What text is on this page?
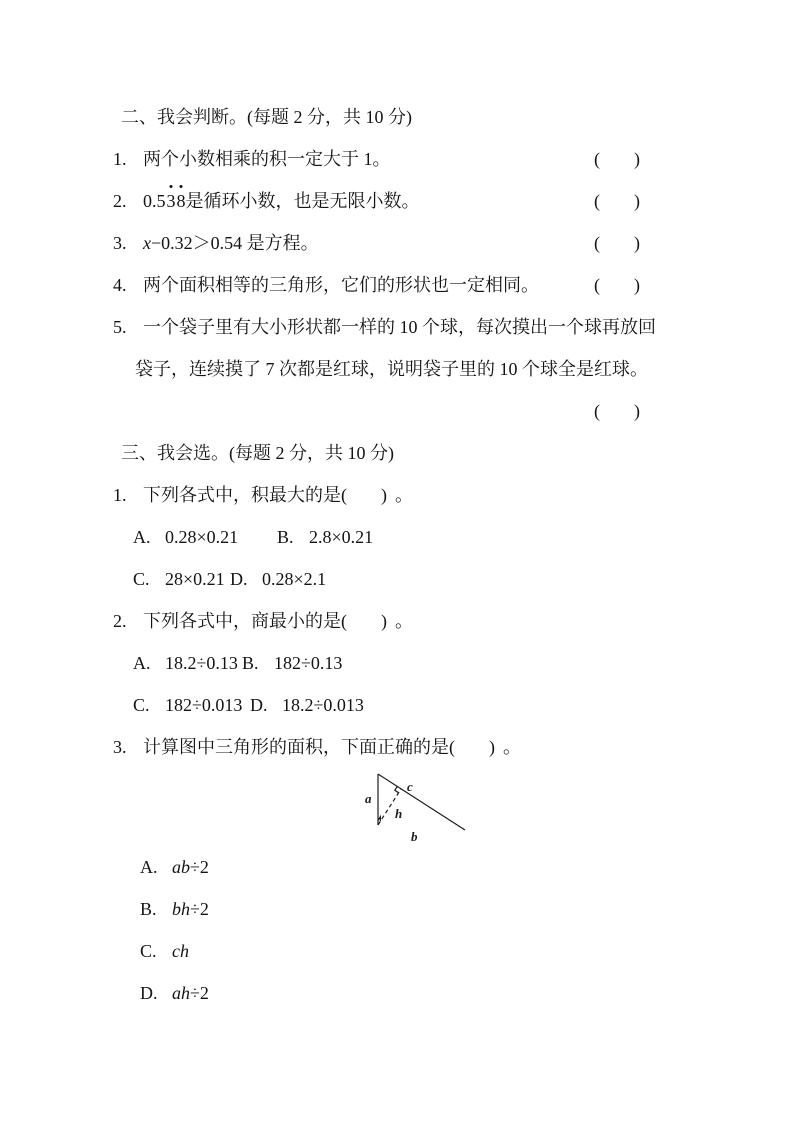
二、我会判断。(每题 2 分，共 10 分)
1. 两个小数相乘的积一定大于 1。	( )
2. 0.538是循环小数，也是无限小数。	( )
3. x−0.32＞0.54 是方程。	( )
4. 两个面积相等的三角形，它们的形状也一定相同。	( )
5. 一个袋子里有大小形状都一样的 10 个球，每次摸出一个球再放回
袋子，连续摸了 7 次都是红球，说明袋子里的 10 个球全是红球。
( )
三、我会选。(每题 2 分，共 10 分)
1. 下列各式中，积最大的是 ( ) 。
A. 0.28×0.21 B. 2.8×0.21
C. 28×0.21 D. 0.28×2.1
2. 下列各式中，商最小的是 ( ) 。
A. 18.2÷0.13 B. 182÷0.13
C. 182÷0.013 D. 18.2÷0.013
3. 计算图中三角形的面积，下面正确的是 ( ) 。
a
h
c
b
A. ab÷2
B. bh÷2
C. ch
D. ah÷2
